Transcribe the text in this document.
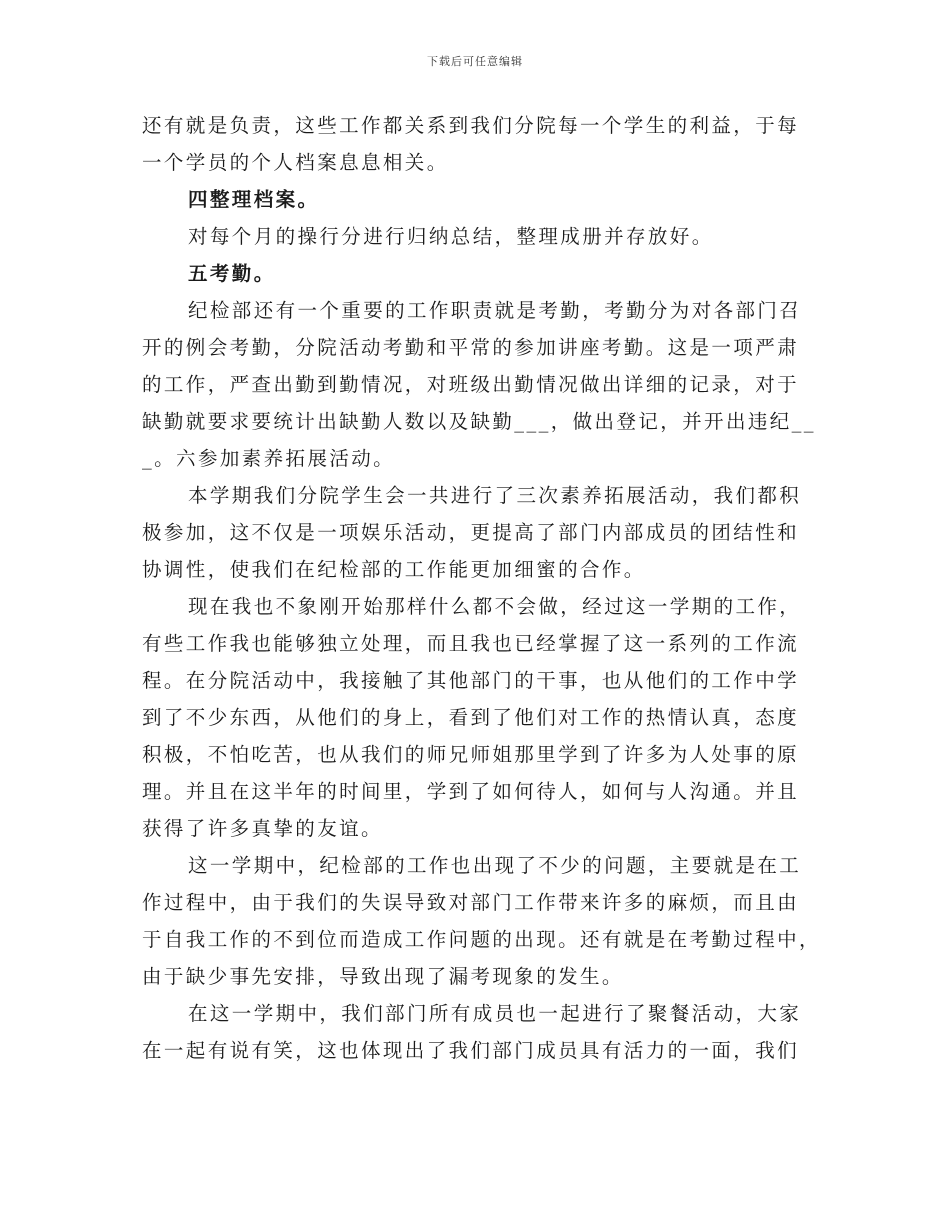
下载后可任意编辑
还有就是负责，这些工作都关系到我们分院每一个学生的利益，于每
一个学员的个人档案息息相关。
四整理档案。
对每个月的操行分进行归纳总结，整理成册并存放好。
五考勤。
纪检部还有一个重要的工作职责就是考勤，考勤分为对各部门召
开的例会考勤，分院活动考勤和平常的参加讲座考勤。这是一项严肃
的工作，严查出勤到勤情况，对班级出勤情况做出详细的记录，对于
缺勤就要求要统计出缺勤人数以及缺勤___，做出登记，并开出违纪__
_。六参加素养拓展活动。
本学期我们分院学生会一共进行了三次素养拓展活动，我们都积
极参加，这不仅是一项娱乐活动，更提高了部门内部成员的团结性和
协调性，使我们在纪检部的工作能更加细蜜的合作。
现在我也不象刚开始那样什么都不会做，经过这一学期的工作，
有些工作我也能够独立处理，而且我也已经掌握了这一系列的工作流
程。在分院活动中，我接触了其他部门的干事，也从他们的工作中学
到了不少东西，从他们的身上，看到了他们对工作的热情认真，态度
积极，不怕吃苦，也从我们的师兄师姐那里学到了许多为人处事的原
理。并且在这半年的时间里，学到了如何待人，如何与人沟通。并且
获得了许多真挚的友谊。
这一学期中，纪检部的工作也出现了不少的问题，主要就是在工
作过程中，由于我们的失误导致对部门工作带来许多的麻烦，而且由
于自我工作的不到位而造成工作问题的出现。还有就是在考勤过程中，
由于缺少事先安排，导致出现了漏考现象的发生。
在这一学期中，我们部门所有成员也一起进行了聚餐活动，大家
在一起有说有笑，这也体现出了我们部门成员具有活力的一面，我们
